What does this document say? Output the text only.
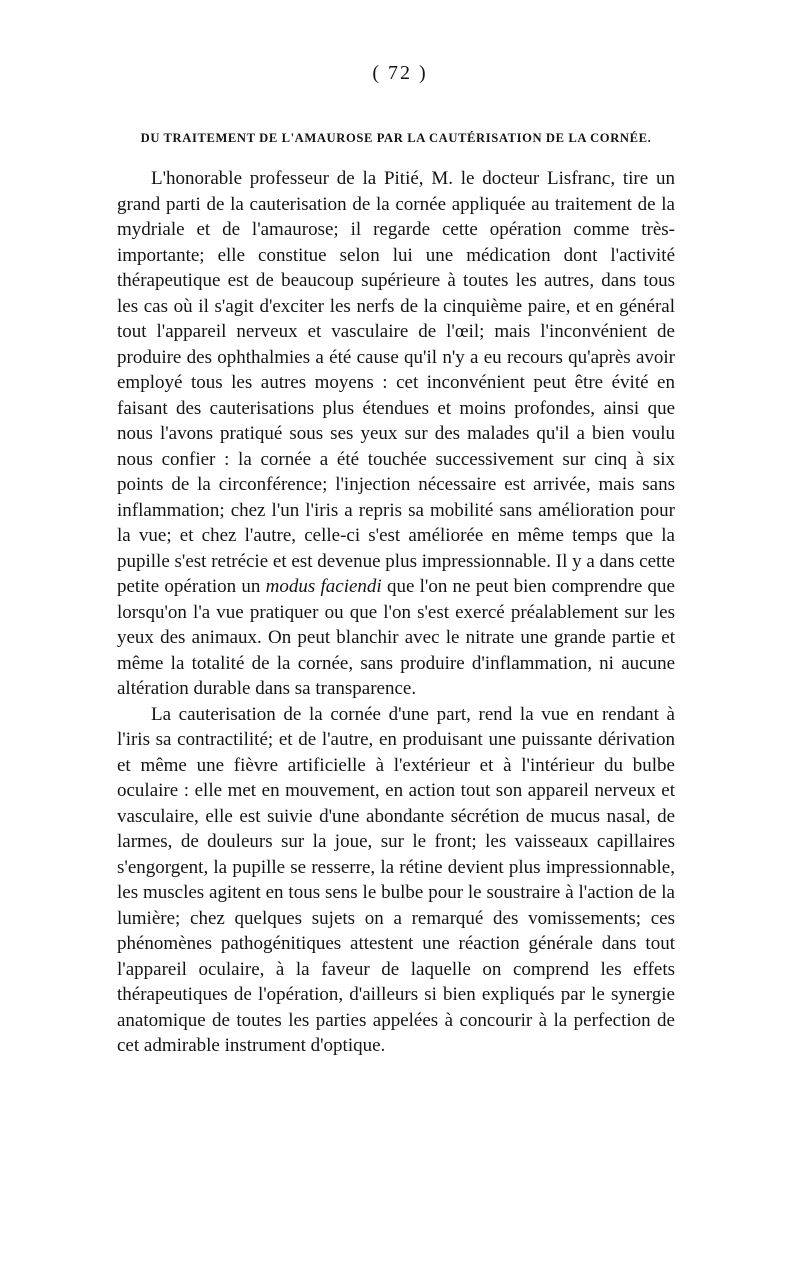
( 72 )
DU TRAITEMENT DE L'AMAUROSE PAR LA CAUTÉRISATION DE LA CORNÉE.

L'honorable professeur de la Pitié, M. le docteur Lisfranc, tire un grand parti de la cauterisation de la cornée appliquée au traitement de la mydriale et de l'amaurose; il regarde cette opération comme très-importante; elle constitue selon lui une médication dont l'activité thérapeutique est de beaucoup supérieure à toutes les autres, dans tous les cas où il s'agit d'exciter les nerfs de la cinquième paire, et en général tout l'appareil nerveux et vasculaire de l'œil; mais l'inconvénient de produire des ophthalmies a été cause qu'il n'y a eu recours qu'après avoir employé tous les autres moyens : cet inconvénient peut être évité en faisant des cauterisations plus étendues et moins profondes, ainsi que nous l'avons pratiqué sous ses yeux sur des malades qu'il a bien voulu nous confier : la cornée a été touchée successivement sur cinq à six points de la circonférence; l'injection nécessaire est arrivée, mais sans inflammation; chez l'un l'iris a repris sa mobilité sans amélioration pour la vue; et chez l'autre, celle-ci s'est améliorée en même temps que la pupille s'est retrécie et est devenue plus impressionnable. Il y a dans cette petite opération un modus faciendi que l'on ne peut bien comprendre que lorsqu'on l'a vue pratiquer ou que l'on s'est exercé préalablement sur les yeux des animaux. On peut blanchir avec le nitrate une grande partie et même la totalité de la cornée, sans produire d'inflammation, ni aucune altération durable dans sa transparence.

La cauterisation de la cornée d'une part, rend la vue en rendant à l'iris sa contractilité; et de l'autre, en produisant une puissante dérivation et même une fièvre artificielle à l'extérieur et à l'intérieur du bulbe oculaire : elle met en mouvement, en action tout son appareil nerveux et vasculaire, elle est suivie d'une abondante sécrétion de mucus nasal, de larmes, de douleurs sur la joue, sur le front; les vaisseaux capillaires s'engorgent, la pupille se resserre, la rétine devient plus impressionnable, les muscles agitent en tous sens le bulbe pour le soustraire à l'action de la lumière; chez quelques sujets on a remarqué des vomissements; ces phénomènes pathogénitiques attestent une réaction générale dans tout l'appareil oculaire, à la faveur de laquelle on comprend les effets thérapeutiques de l'opération, d'ailleurs si bien expliqués par le synergie anatomique de toutes les parties appelées à concourir à la perfection de cet admirable instrument d'optique.
